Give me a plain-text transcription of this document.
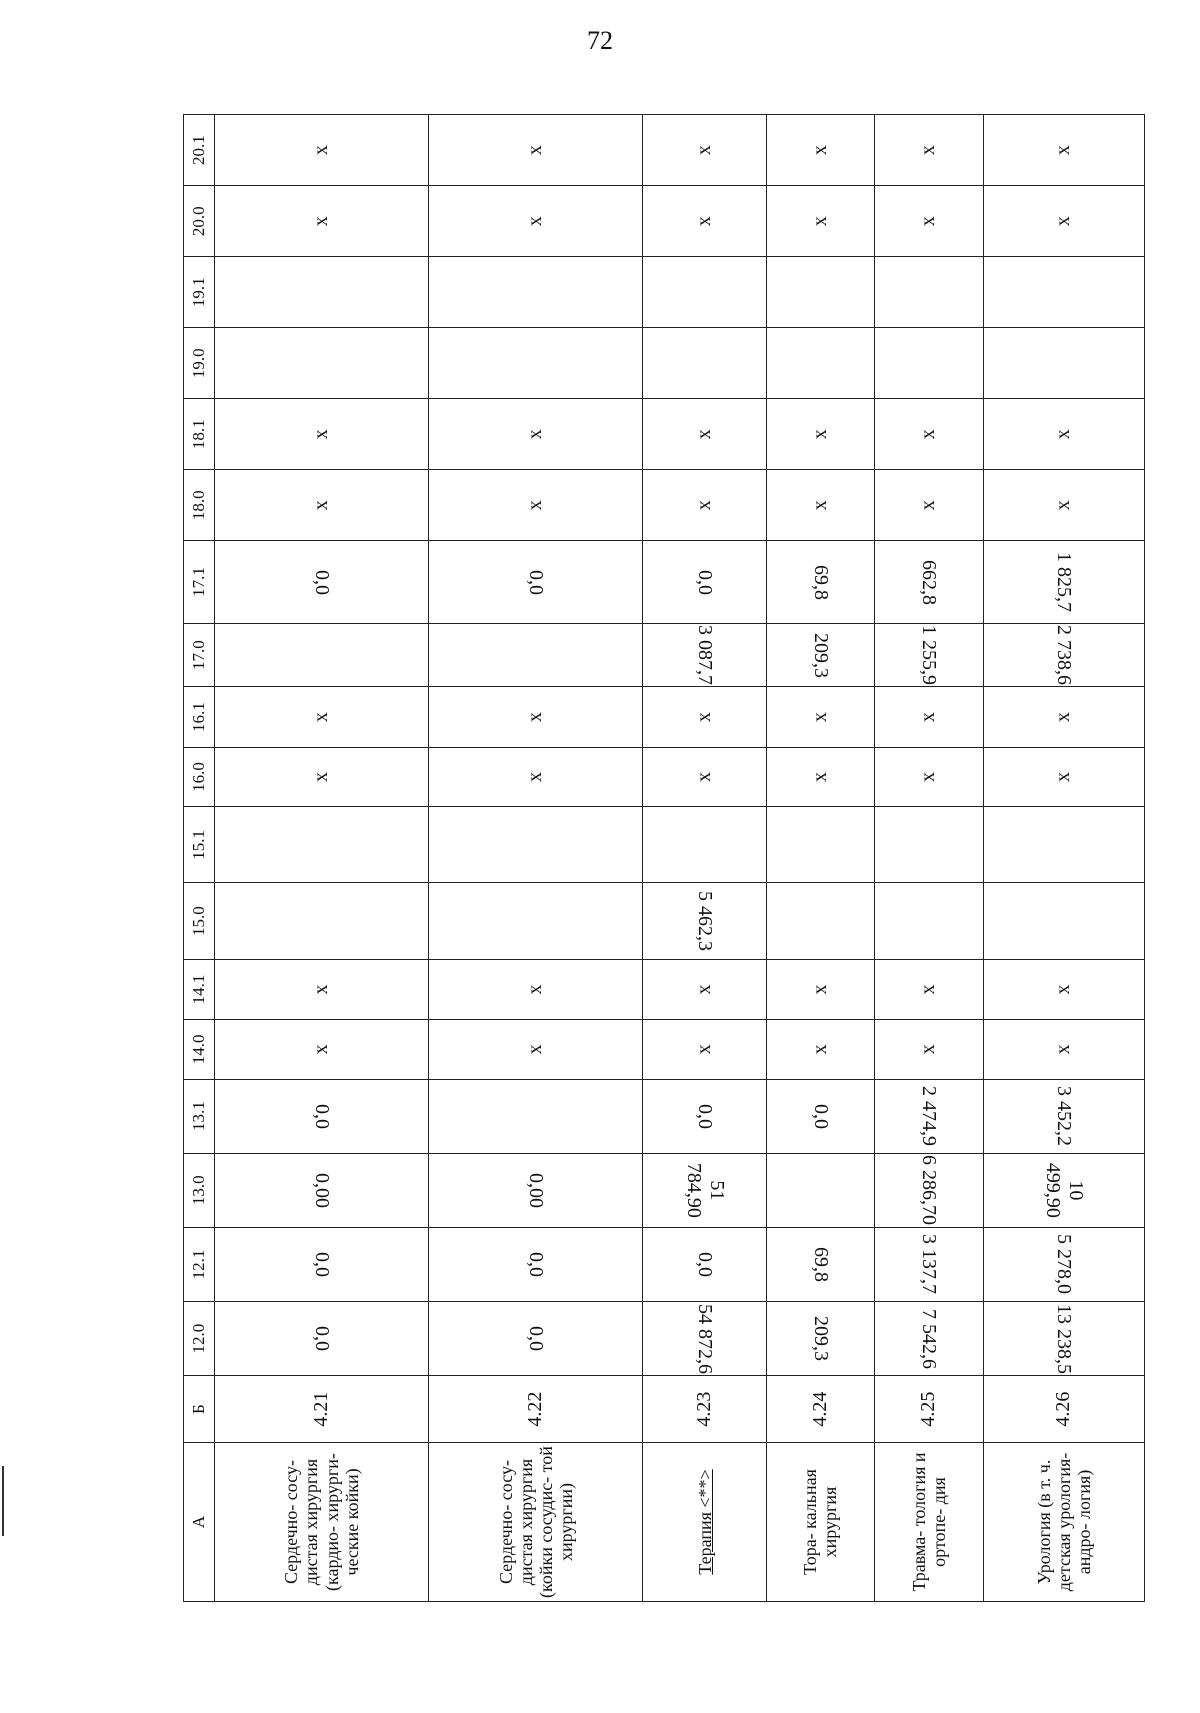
72
А	Б	12.0	12.1	13.0	13.1	14.0	14.1	15.0	15.1	16.0	16.1	17.0	17.1	18.0	18.1	19.0	19.1	20.0	20.1
Сердечно- сосу- дистая хирургия (кардио- хирурги- ческие койки)	4.21	0,0	0,0	0,00	0,0	x	x			x	x		0,0	x	x			x	x
Сердечно- сосу- дистая хирургия (койки сосудис- той хирургии)	4.22	0,0	0,0	0,00		x	x			x	x		0,0	x	x			x	x
Терапия <**>	4.23	54 872,6	0,0	51 784,90	0,0	x	x	5 462,3		x	x	3 087,7	0,0	x	x			x	x
Тора- кальная хирургия	4.24	209,3	69,8		0,0	x	x			x	x	209,3	69,8	x	x			x	x
Травма- тология и ортопе- дия	4.25	7 542,6	3 137,7	6 286,70	2 474,9	x	x			x	x	1 255,9	662,8	x	x			x	x
Урология (в т. ч. детская урология- андро- логия)	4.26	13 238,5	5 278,0	10 499,90	3 452,2	x	x			x	x	2 738,6	1 825,7	x	x			x	x
